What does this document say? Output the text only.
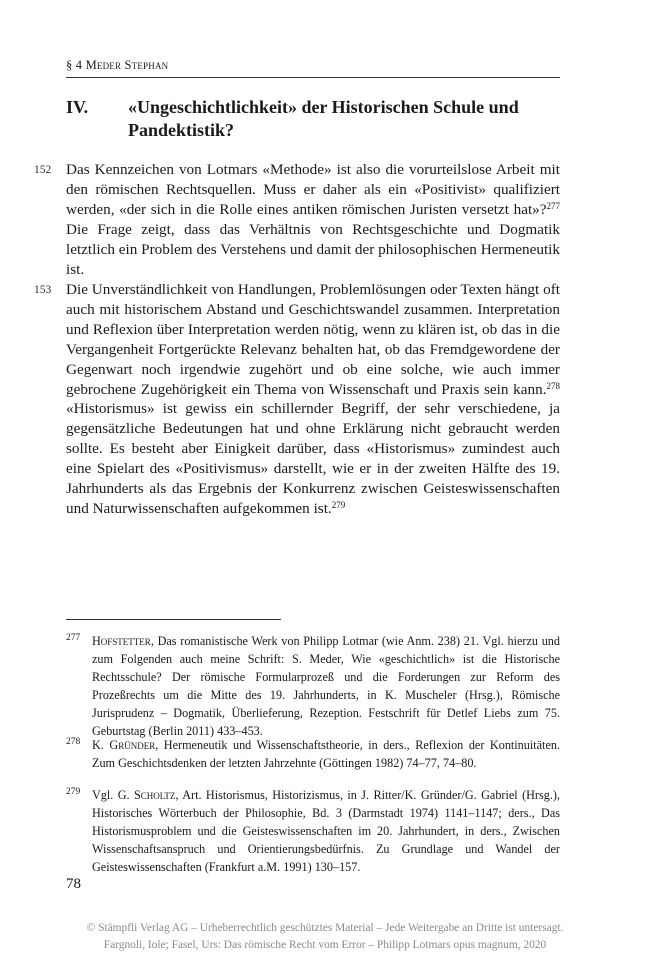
§ 4 Meder Stephan
IV. «Ungeschichtlichkeit» der Historischen Schule und Pandektistik?
152 Das Kennzeichen von Lotmars «Methode» ist also die vorurteilslose Arbeit mit den römischen Rechtsquellen. Muss er daher als ein «Positivist» qualifiziert werden, «der sich in die Rolle eines antiken römischen Juristen versetzt hat»?$^{277}$ Die Frage zeigt, dass das Verhältnis von Rechtsgeschichte und Dogmatik letztlich ein Problem des Verstehens und damit der philosophischen Hermeneutik ist.
153 Die Unverständlichkeit von Handlungen, Problemlösungen oder Texten hängt oft auch mit historischem Abstand und Geschichtswandel zusammen. Interpretation und Reflexion über Interpretation werden nötig, wenn zu klären ist, ob das in die Vergangenheit Fortgerückte Relevanz behalten hat, ob das Fremdgewordene der Gegenwart noch irgendwie zugehört und ob eine solche, wie auch immer gebrochene Zugehörigkeit ein Thema von Wissenschaft und Praxis sein kann.$^{278}$ «Historismus» ist gewiss ein schillernder Begriff, der sehr verschiedene, ja gegensätzliche Bedeutungen hat und ohne Erklärung nicht gebraucht werden sollte. Es besteht aber Einigkeit darüber, dass «Historismus» zumindest auch eine Spielart des «Positivismus» darstellt, wie er in der zweiten Hälfte des 19. Jahrhunderts als das Ergebnis der Konkurrenz zwischen Geisteswissenschaften und Naturwissenschaften aufgekommen ist.$^{279}$
277 Hofstetter, Das romanistische Werk von Philipp Lotmar (wie Anm. 238) 21. Vgl. hierzu und zum Folgenden auch meine Schrift: S. Meder, Wie «geschichtlich» ist die Historische Rechtsschule? Der römische Formularprozeß und die Forderungen zur Reform des Prozeßrechts um die Mitte des 19. Jahrhunderts, in K. Muscheler (Hrsg.), Römische Jurisprudenz – Dogmatik, Überlieferung, Rezeption. Festschrift für Detlef Liebs zum 75. Geburtstag (Berlin 2011) 433–453.
278 K. Gründer, Hermeneutik und Wissenschaftstheorie, in ders., Reflexion der Kontinuitäten. Zum Geschichtsdenken der letzten Jahrzehnte (Göttingen 1982) 74–77, 74–80.
279 Vgl. G. Scholtz, Art. Historismus, Historizismus, in J. Ritter/K. Gründer/G. Gabriel (Hrsg.), Historisches Wörterbuch der Philosophie, Bd. 3 (Darmstadt 1974) 1141–1147; ders., Das Historismusproblem und die Geisteswissenschaften im 20. Jahrhundert, in ders., Zwischen Wissenschaftsanspruch und Orientierungsbedürfnis. Zu Grundlage und Wandel der Geisteswissenschaften (Frankfurt a.M. 1991) 130–157.
78
© Stämpfli Verlag AG – Urheberrechtlich geschütztes Material – Jede Weitergabe an Dritte ist untersagt.
Fargnoli, Iole; Fasel, Urs: Das römische Recht vom Error – Philipp Lotmars opus magnum, 2020
